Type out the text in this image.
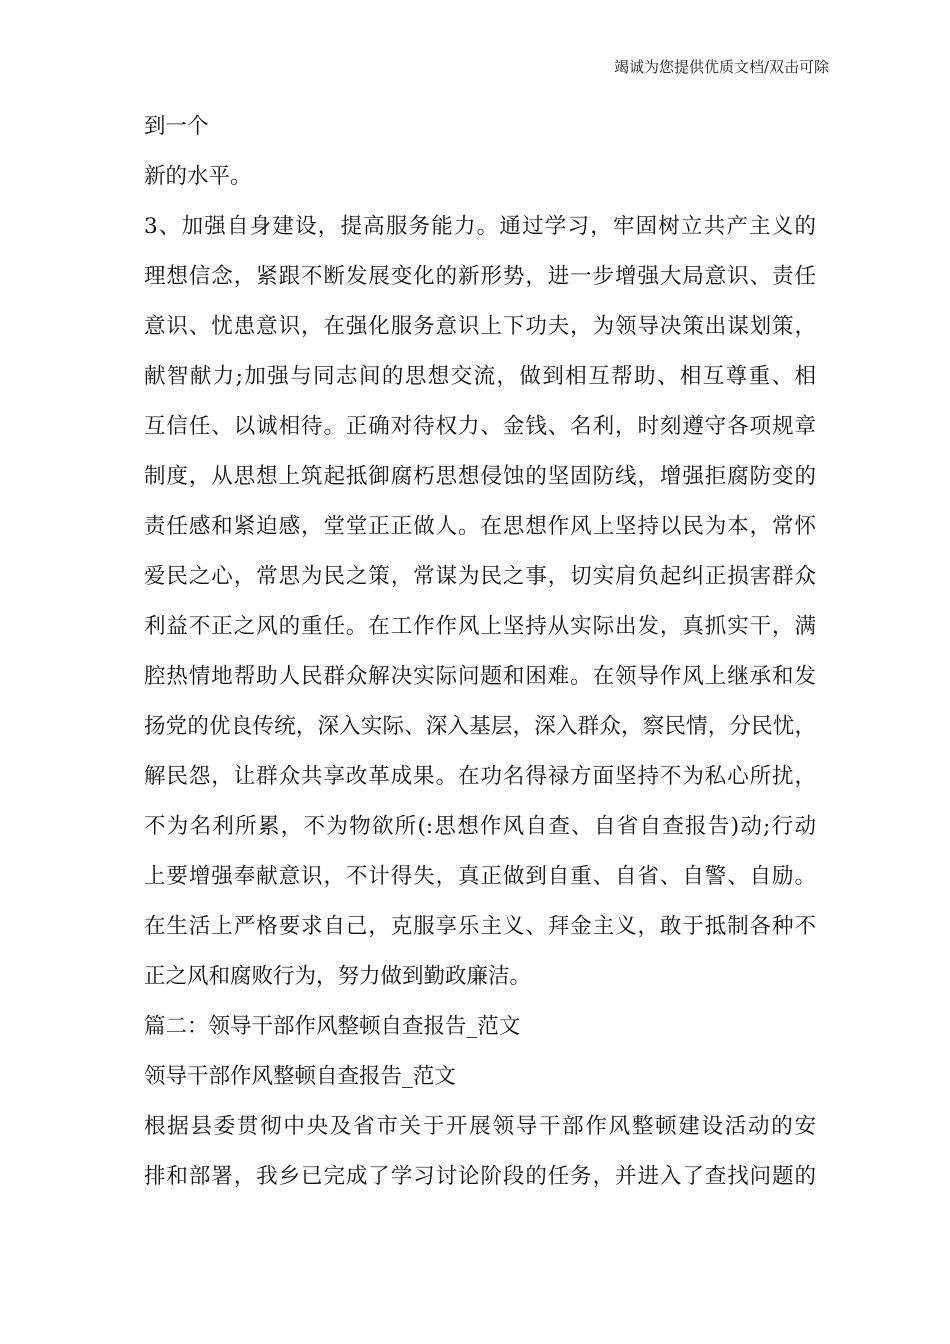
竭诚为您提供优质文档/双击可除
到一个
新的水平。
3、加强自身建设，提高服务能力。通过学习，牢固树立共产主义的
理想信念，紧跟不断发展变化的新形势，进一步增强大局意识、责任
意识、忧患意识，在强化服务意识上下功夫，为领导决策出谋划策，
献智献力;加强与同志间的思想交流，做到相互帮助、相互尊重、相
互信任、以诚相待。正确对待权力、金钱、名利，时刻遵守各项规章
制度，从思想上筑起抵御腐朽思想侵蚀的坚固防线，增强拒腐防变的
责任感和紧迫感，堂堂正正做人。在思想作风上坚持以民为本，常怀
爱民之心，常思为民之策，常谋为民之事，切实肩负起纠正损害群众
利益不正之风的重任。在工作作风上坚持从实际出发，真抓实干，满
腔热情地帮助人民群众解决实际问题和困难。在领导作风上继承和发
扬党的优良传统，深入实际、深入基层，深入群众，察民情，分民忧，
解民怨，让群众共享改革成果。在功名得禄方面坚持不为私心所扰，
不为名利所累，不为物欲所(:思想作风自查、自省自查报告)动;行动
上要增强奉献意识，不计得失，真正做到自重、自省、自警、自励。
在生活上严格要求自己，克服享乐主义、拜金主义，敢于抵制各种不
正之风和腐败行为，努力做到勤政廉洁。
篇二：领导干部作风整顿自查报告_范文
领导干部作风整顿自查报告_范文
根据县委贯彻中央及省市关于开展领导干部作风整顿建设活动的安
排和部署，我乡已完成了学习讨论阶段的任务，并进入了查找问题的
